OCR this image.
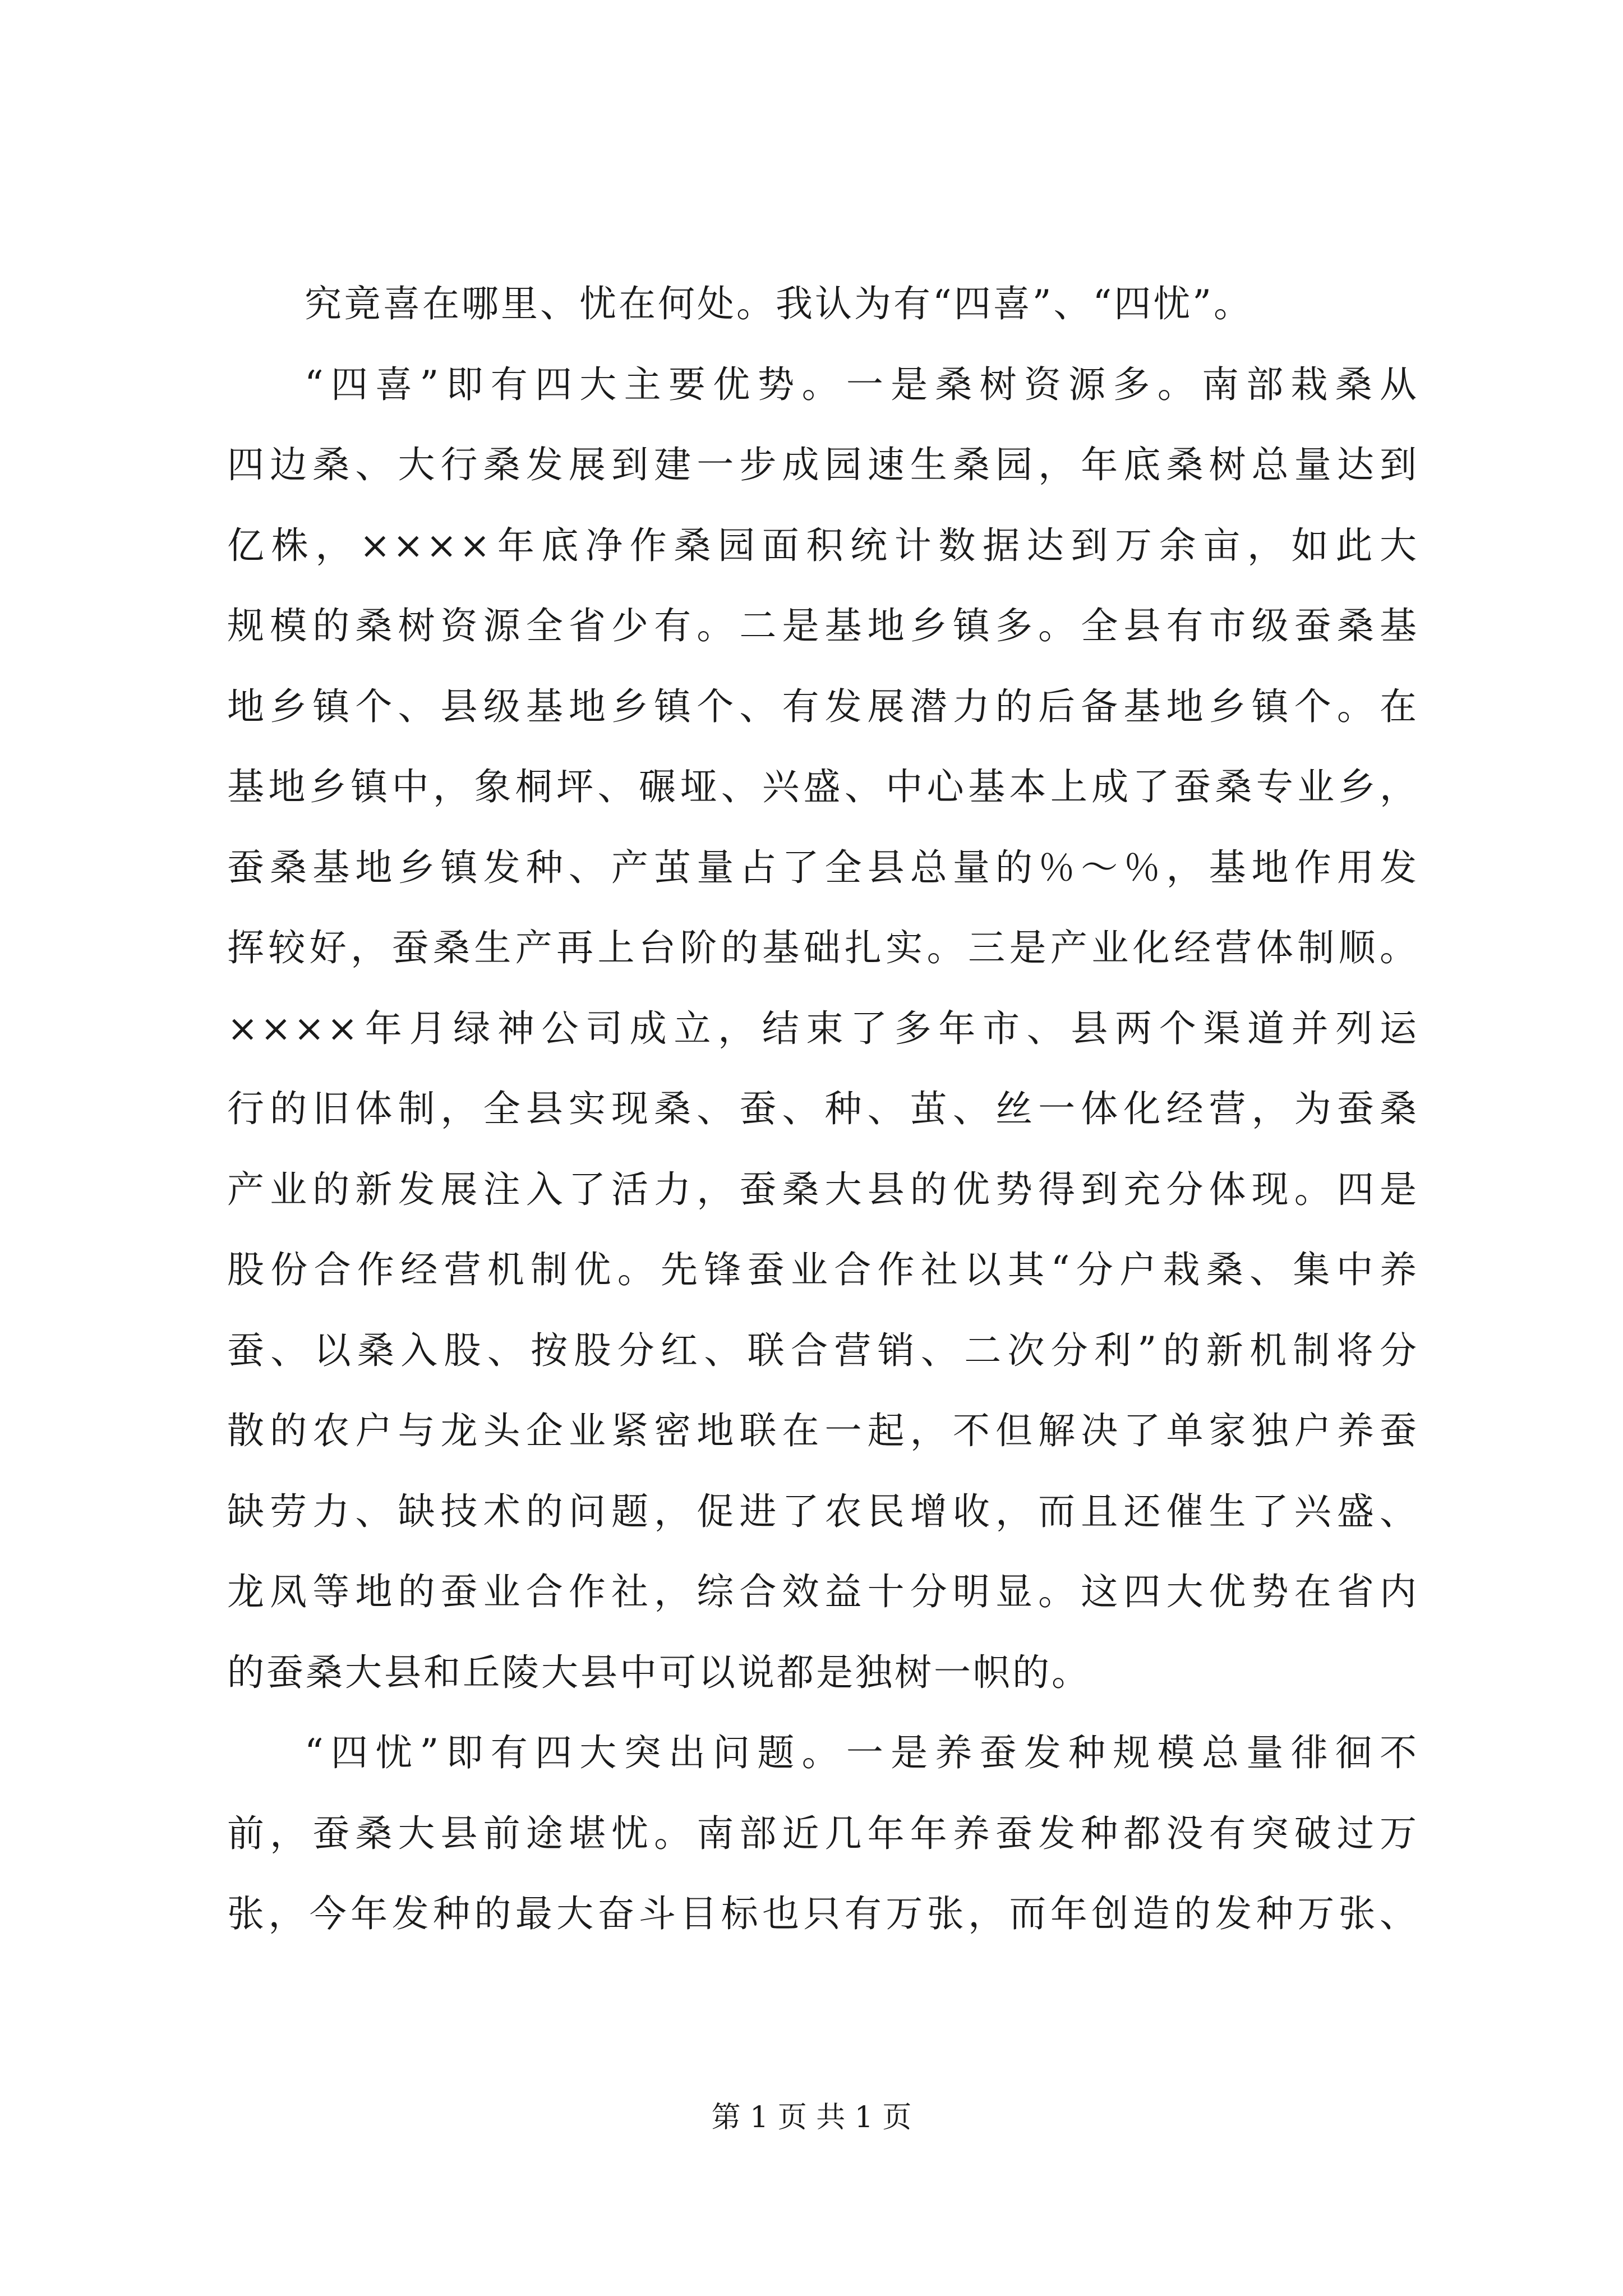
究竟喜在哪里、忧在何处。我认为有“四喜”、“四忧”。
“四喜”即有四大主要优势。一是桑树资源多。南部栽桑从
四边桑、大行桑发展到建一步成园速生桑园，年底桑树总量达到
亿株，××××年底净作桑园面积统计数据达到万余亩，如此大
规模的桑树资源全省少有。二是基地乡镇多。全县有市级蚕桑基
地乡镇个、县级基地乡镇个、有发展潜力的后备基地乡镇个。在
基地乡镇中，象桐坪、碾垭、兴盛、中心基本上成了蚕桑专业乡，
蚕桑基地乡镇发种、产茧量占了全县总量的％～％，基地作用发
挥较好，蚕桑生产再上台阶的基础扎实。三是产业化经营体制顺。
××××年月绿神公司成立，结束了多年市、县两个渠道并列运
行的旧体制，全县实现桑、蚕、种、茧、丝一体化经营，为蚕桑
产业的新发展注入了活力，蚕桑大县的优势得到充分体现。四是
股份合作经营机制优。先锋蚕业合作社以其“分户栽桑、集中养
蚕、以桑入股、按股分红、联合营销、二次分利”的新机制将分
散的农户与龙头企业紧密地联在一起，不但解决了单家独户养蚕
缺劳力、缺技术的问题，促进了农民增收，而且还催生了兴盛、
龙凤等地的蚕业合作社，综合效益十分明显。这四大优势在省内
的蚕桑大县和丘陵大县中可以说都是独树一帜的。
“四忧”即有四大突出问题。一是养蚕发种规模总量徘徊不
前，蚕桑大县前途堪忧。南部近几年年养蚕发种都没有突破过万
张，今年发种的最大奋斗目标也只有万张，而年创造的发种万张、
第 1 页 共 1 页
